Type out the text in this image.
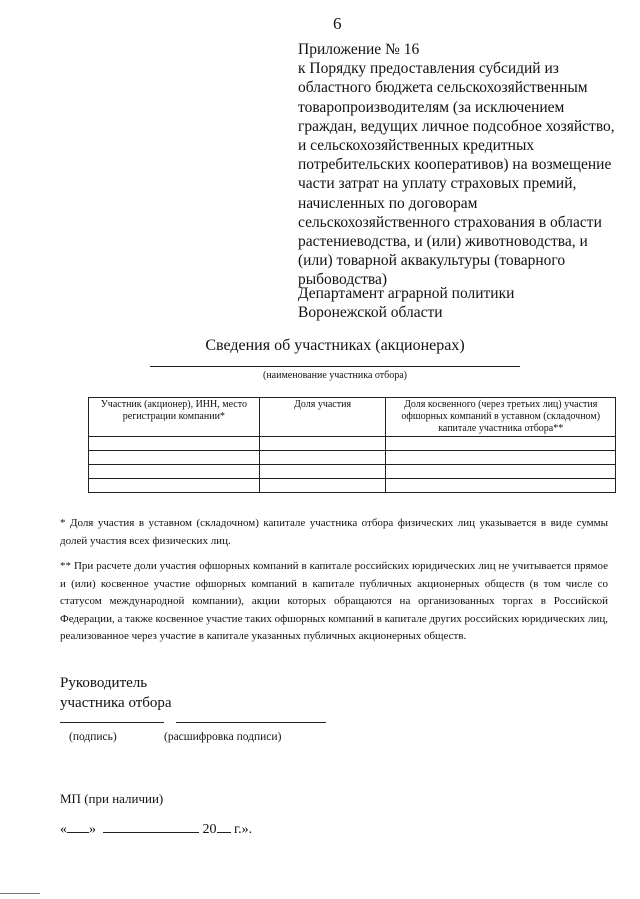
6
Приложение № 16
к Порядку предоставления субсидий из
областного бюджета сельскохозяйственным
товаропроизводителям (за исключением
граждан, ведущих личное подсобное хозяйство,
и сельскохозяйственных кредитных
потребительских кооперативов) на возмещение
части затрат на уплату страховых премий,
начисленных по договорам
сельскохозяйственного страхования в области
растениеводства, и (или) животноводства, и
(или) товарной аквакультуры (товарного
рыбоводства)
Департамент аграрной политики
Воронежской области
Сведения об участниках (акционерах)
(наименование участника отбора)
Участник (акционер), ИНН, место регистрации компании*	Доля участия	Доля косвенного (через третьих лиц) участия офшорных компаний в уставном (складочном) капитале участника отбора**

* Доля участия в уставном (складочном) капитале участника отбора физических лиц указывается в виде суммы долей участия всех физических лиц.
** При расчете доли участия офшорных компаний в капитале российских юридических лиц не учитывается прямое и (или) косвенное участие офшорных компаний в капитале публичных акционерных обществ (в том числе со статусом международной компании), акции которых обращаются на организованных торгах в Российской Федерации, а также косвенное участие таких офшорных компаний в капитале других российских юридических лиц, реализованное через участие в капитале указанных публичных акционерных обществ.
Руководитель
участника отбора
(подпись)	(расшифровка подписи)
МП (при наличии)
« »	20 г.».
